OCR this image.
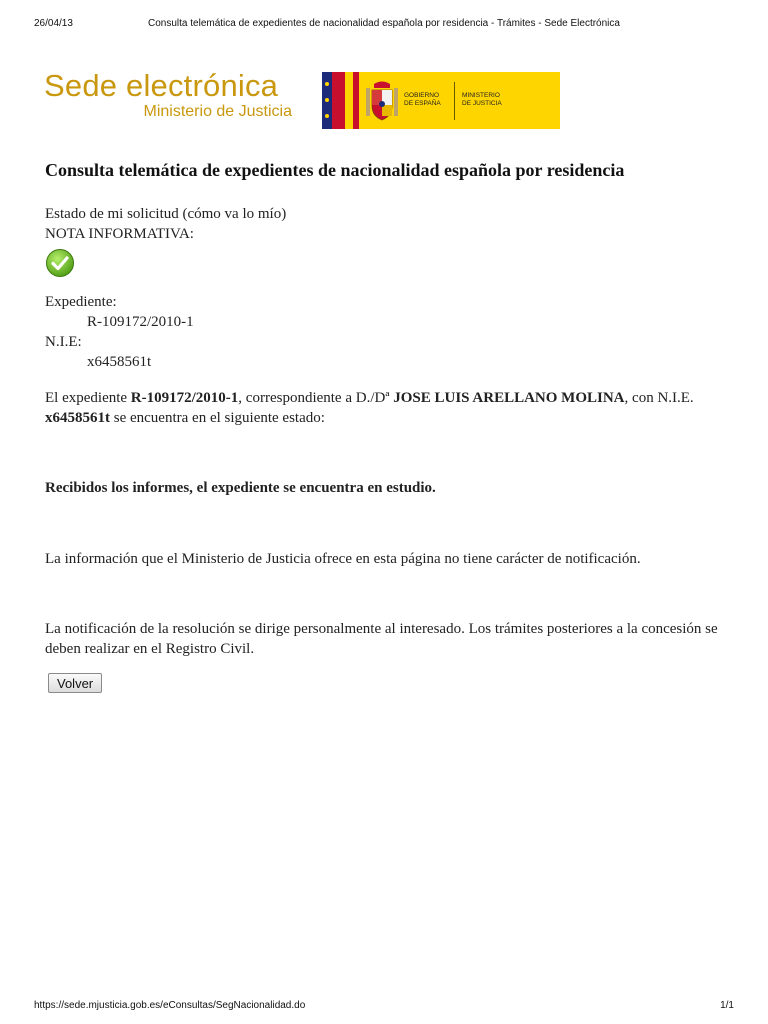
26/04/13	Consulta telemática de expedientes de nacionalidad española por residencia - Trámites - Sede Electrónica
Sede electrónica
Ministerio de Justicia
GOBIERNO
DE ESPAÑA
MINISTERIO
DE JUSTICIA
Consulta telemática de expedientes de nacionalidad española por residencia

Estado de mi solicitud (cómo va lo mío)

NOTA INFORMATIVA:

Expediente:

R-109172/2010-1

N.I.E:

x6458561t

El expediente R-109172/2010-1, correspondiente a D./Dª JOSE LUIS ARELLANO MOLINA, con N.I.E. x6458561t se encuentra en el siguiente estado:

Recibidos los informes, el expediente se encuentra en estudio.

La información que el Ministerio de Justicia ofrece en esta página no tiene carácter de notificación.

La notificación de la resolución se dirige personalmente al interesado. Los trámites posteriores a la concesión se deben realizar en el Registro Civil.

Volver
https://sede.mjusticia.gob.es/eConsultas/SegNacionalidad.do	1/1
